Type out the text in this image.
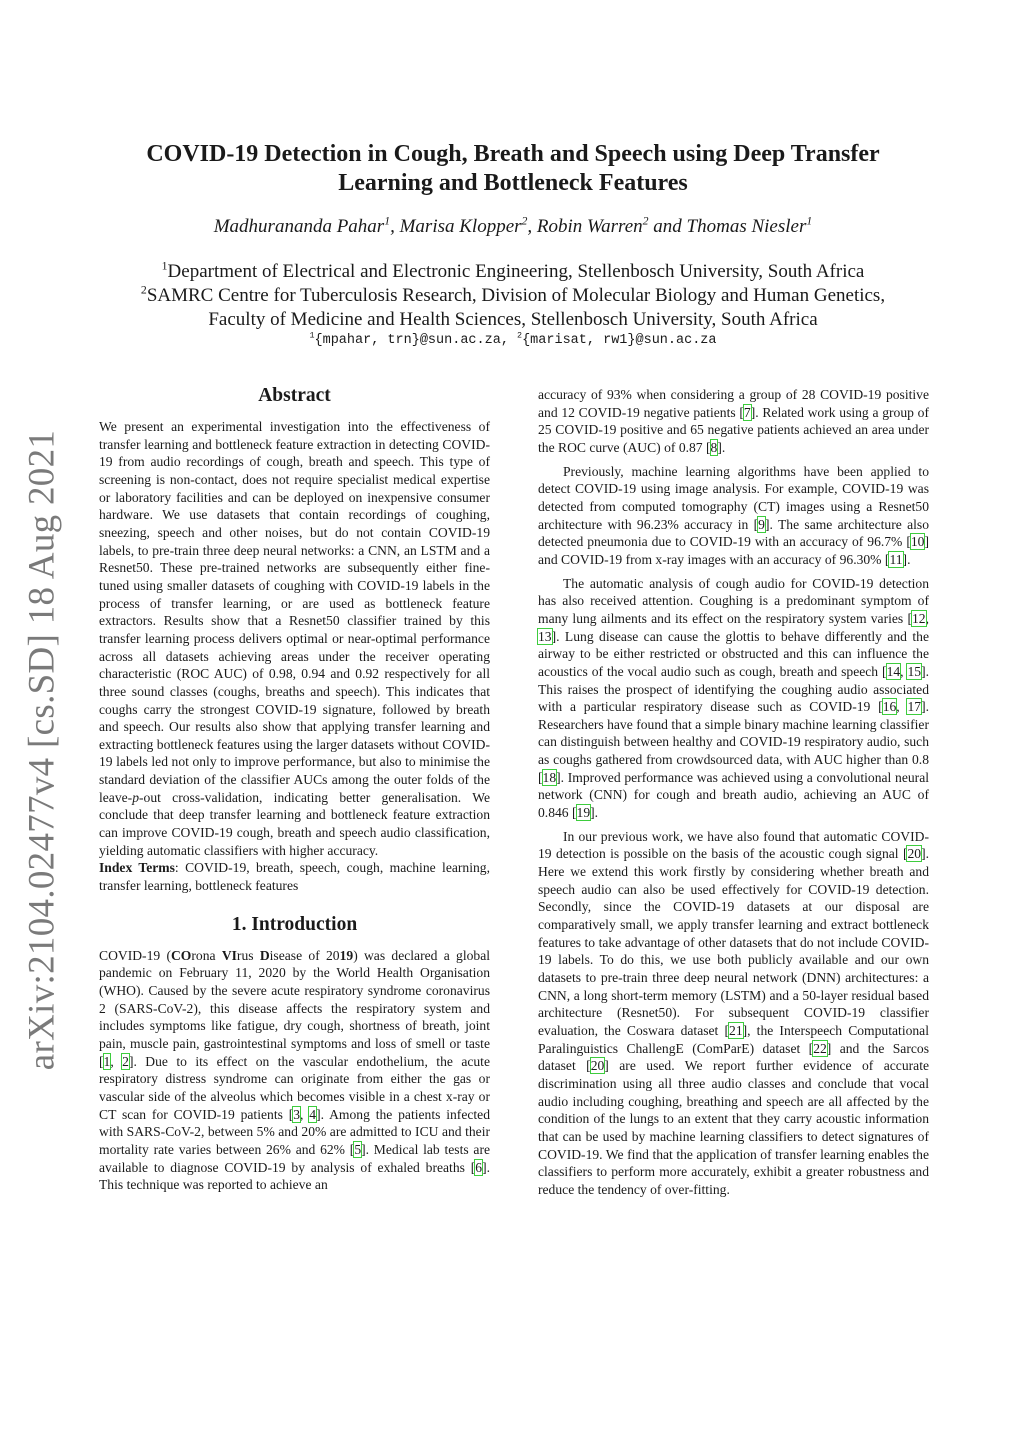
arXiv:2104.02477v4 [cs.SD] 18 Aug 2021
COVID-19 Detection in Cough, Breath and Speech using Deep Transfer
Learning and Bottleneck Features
Madhurananda Pahar$^1$, Marisa Klopper$^2$, Robin Warren$^2$ and Thomas Niesler$^1$
$^1$Department of Electrical and Electronic Engineering, Stellenbosch University, South Africa
$^2$SAMRC Centre for Tuberculosis Research, Division of Molecular Biology and Human Genetics,
Faculty of Medicine and Health Sciences, Stellenbosch University, South Africa
$^1${mpahar, trn}@sun.ac.za, $^2${marisat, rw1}@sun.ac.za
Abstract

We present an experimental investigation into the effectiveness of transfer learning and bottleneck feature extraction in detecting COVID-19 from audio recordings of cough, breath and speech. This type of screening is non-contact, does not require specialist medical expertise or laboratory facilities and can be deployed on inexpensive consumer hardware. We use datasets that contain recordings of coughing, sneezing, speech and other noises, but do not contain COVID-19 labels, to pre-train three deep neural networks: a CNN, an LSTM and a Resnet50. These pre-trained networks are subsequently either fine-tuned using smaller datasets of coughing with COVID-19 labels in the process of transfer learning, or are used as bottleneck feature extractors. Results show that a Resnet50 classifier trained by this transfer learning process delivers optimal or near-optimal performance across all datasets achieving areas under the receiver operating characteristic (ROC AUC) of 0.98, 0.94 and 0.92 respectively for all three sound classes (coughs, breaths and speech). This indicates that coughs carry the strongest COVID-19 signature, followed by breath and speech. Our results also show that applying transfer learning and extracting bottleneck features using the larger datasets without COVID-19 labels led not only to improve performance, but also to minimise the standard deviation of the classifier AUCs among the outer folds of the leave-p-out cross-validation, indicating better generalisation. We conclude that deep transfer learning and bottleneck feature extraction can improve COVID-19 cough, breath and speech audio classification, yielding automatic classifiers with higher accuracy.

Index Terms: COVID-19, breath, speech, cough, machine learning, transfer learning, bottleneck features

1. Introduction

COVID-19 (COrona VIrus Disease of 2019) was declared a global pandemic on February 11, 2020 by the World Health Organisation (WHO). Caused by the severe acute respiratory syndrome coronavirus 2 (SARS-CoV-2), this disease affects the respiratory system and includes symptoms like fatigue, dry cough, shortness of breath, joint pain, muscle pain, gastrointestinal symptoms and loss of smell or taste [1, 2]. Due to its effect on the vascular endothelium, the acute respiratory distress syndrome can originate from either the gas or vascular side of the alveolus which becomes visible in a chest x-ray or CT scan for COVID-19 patients [3, 4]. Among the patients infected with SARS-CoV-2, between 5% and 20% are admitted to ICU and their mortality rate varies between 26% and 62% [5]. Medical lab tests are available to diagnose COVID-19 by analysis of exhaled breaths [6]. This technique was reported to achieve an

accuracy of 93% when considering a group of 28 COVID-19 positive and 12 COVID-19 negative patients [7]. Related work using a group of 25 COVID-19 positive and 65 negative patients achieved an area under the ROC curve (AUC) of 0.87 [8].

Previously, machine learning algorithms have been applied to detect COVID-19 using image analysis. For example, COVID-19 was detected from computed tomography (CT) images using a Resnet50 architecture with 96.23% accuracy in [9]. The same architecture also detected pneumonia due to COVID-19 with an accuracy of 96.7% [10] and COVID-19 from x-ray images with an accuracy of 96.30% [11].

The automatic analysis of cough audio for COVID-19 detection has also received attention. Coughing is a predominant symptom of many lung ailments and its effect on the respiratory system varies [12, 13]. Lung disease can cause the glottis to behave differently and the airway to be either restricted or obstructed and this can influence the acoustics of the vocal audio such as cough, breath and speech [14, 15]. This raises the prospect of identifying the coughing audio associated with a particular respiratory disease such as COVID-19 [16, 17]. Researchers have found that a simple binary machine learning classifier can distinguish between healthy and COVID-19 respiratory audio, such as coughs gathered from crowdsourced data, with AUC higher than 0.8 [18]. Improved performance was achieved using a convolutional neural network (CNN) for cough and breath audio, achieving an AUC of 0.846 [19].

In our previous work, we have also found that automatic COVID-19 detection is possible on the basis of the acoustic cough signal [20]. Here we extend this work firstly by considering whether breath and speech audio can also be used effectively for COVID-19 detection. Secondly, since the COVID-19 datasets at our disposal are comparatively small, we apply transfer learning and extract bottleneck features to take advantage of other datasets that do not include COVID-19 labels. To do this, we use both publicly available and our own datasets to pre-train three deep neural network (DNN) architectures: a CNN, a long short-term memory (LSTM) and a 50-layer residual based architecture (Resnet50). For subsequent COVID-19 classifier evaluation, the Coswara dataset [21], the Interspeech Computational Paralinguistics ChallengE (ComParE) dataset [22] and the Sarcos dataset [20] are used. We report further evidence of accurate discrimination using all three audio classes and conclude that vocal audio including coughing, breathing and speech are all affected by the condition of the lungs to an extent that they carry acoustic information that can be used by machine learning classifiers to detect signatures of COVID-19. We find that the application of transfer learning enables the classifiers to perform more accurately, exhibit a greater robustness and reduce the tendency of over-fitting.
